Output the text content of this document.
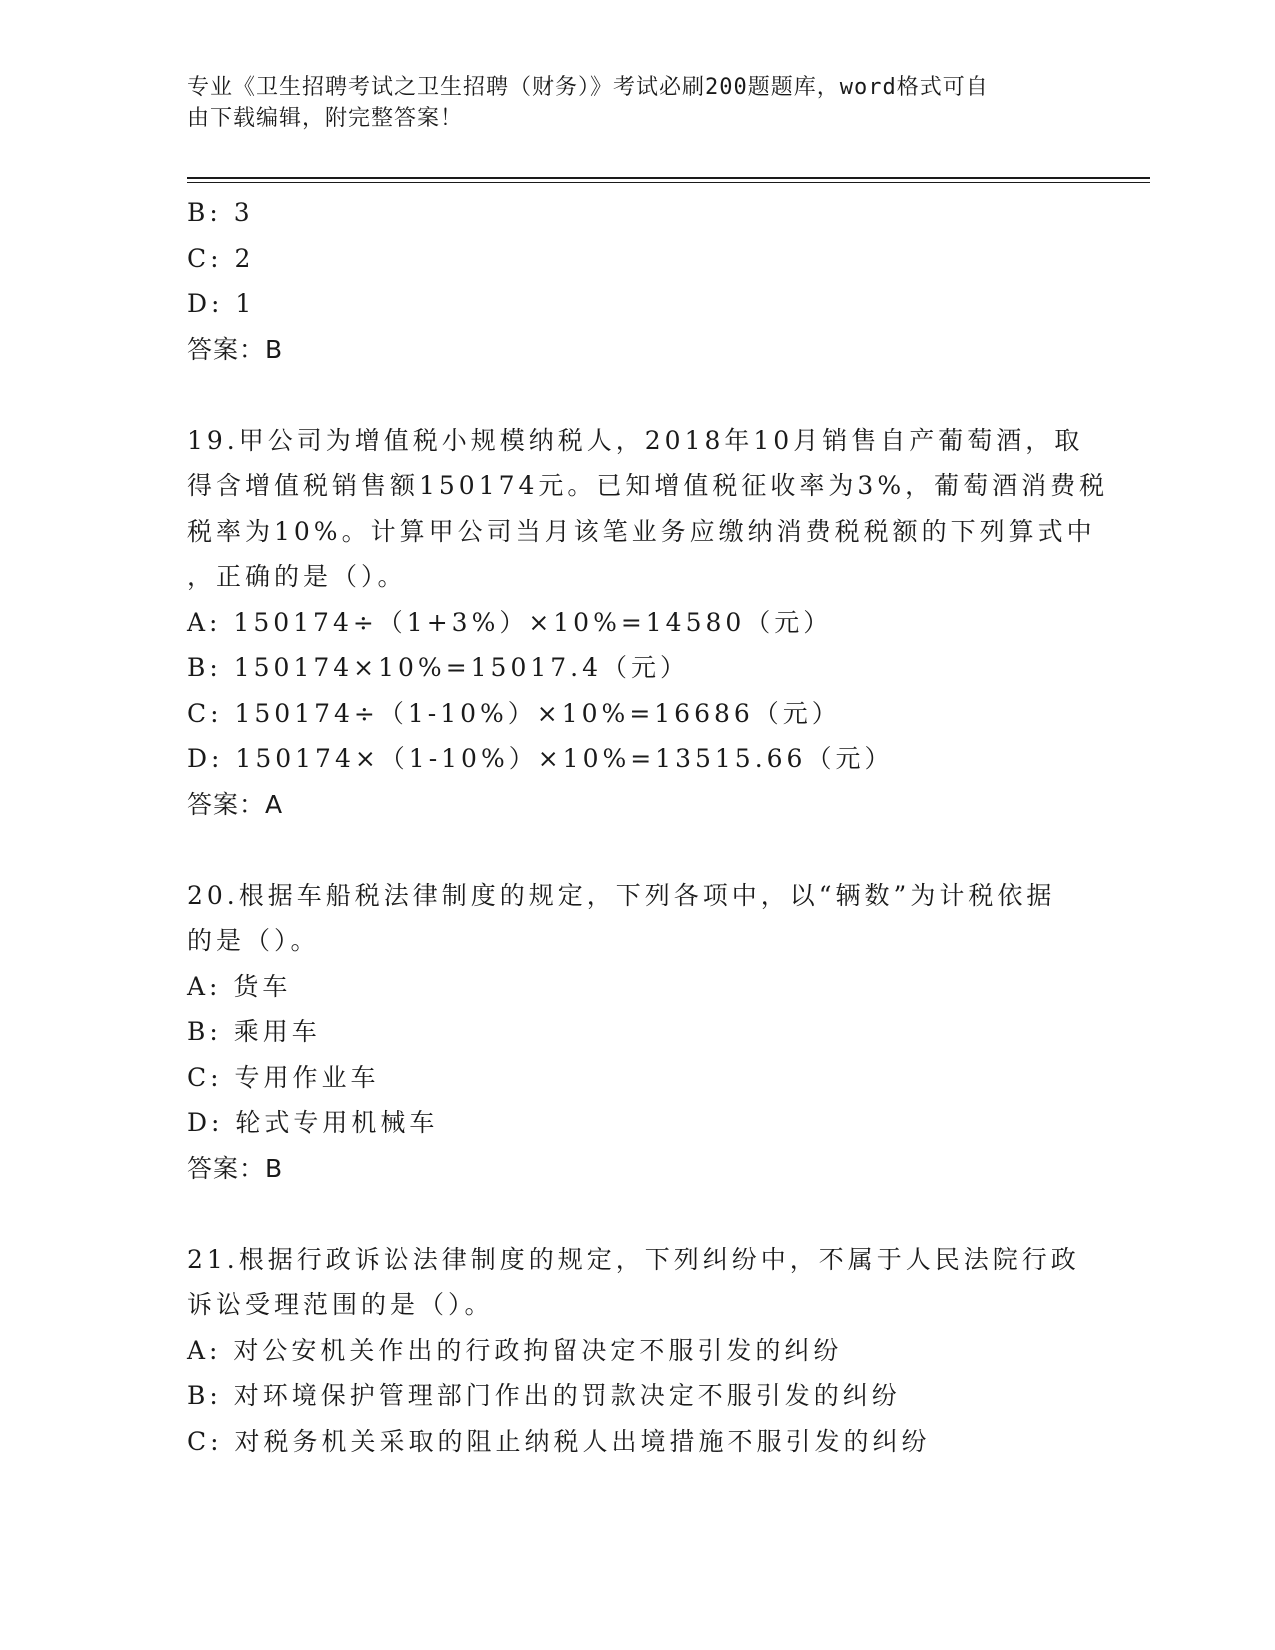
专业《卫生招聘考试之卫生招聘（财务）》考试必刷200题题库，word格式可自
由下载编辑，附完整答案！
B: 3
C: 2
D: 1
答案：B
19.甲公司为增值税小规模纳税人，2018年10月销售自产葡萄酒，取
得含增值税销售额150174元。已知增值税征收率为3%，葡萄酒消费税
税率为10%。计算甲公司当月该笔业务应缴纳消费税税额的下列算式中
，正确的是（）。
A: 150174÷（1+3%）×10%=14580（元）
B: 150174×10%=15017.4（元）
C: 150174÷（1-10%）×10%=16686（元）
D: 150174×（1-10%）×10%=13515.66（元）
答案：A
20.根据车船税法律制度的规定，下列各项中，以“辆数”为计税依据
的是（）。
A: 货车
B: 乘用车
C: 专用作业车
D: 轮式专用机械车
答案：B
21.根据行政诉讼法律制度的规定，下列纠纷中，不属于人民法院行政
诉讼受理范围的是（）。
A: 对公安机关作出的行政拘留决定不服引发的纠纷
B: 对环境保护管理部门作出的罚款决定不服引发的纠纷
C: 对税务机关采取的阻止纳税人出境措施不服引发的纠纷
